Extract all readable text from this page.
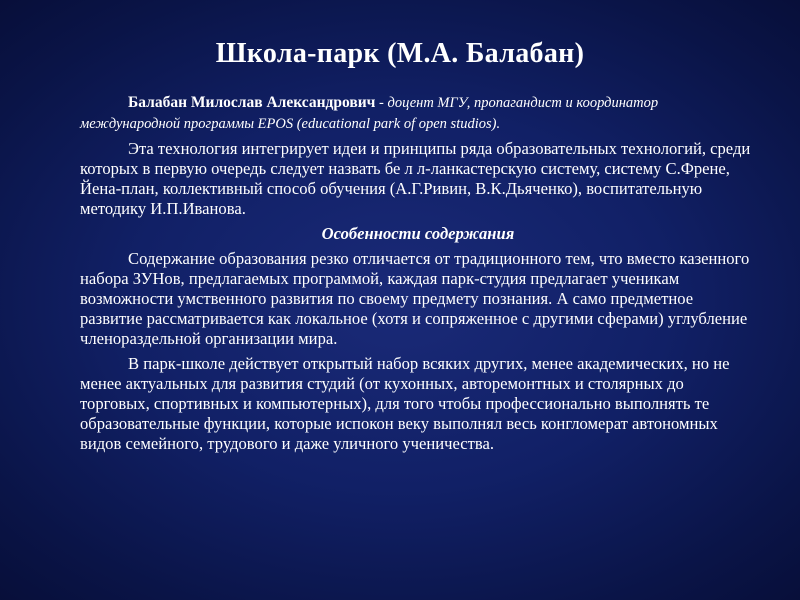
Школа-парк (М.А. Балабан)

Балабан Милослав Александрович - доцент МГУ, пропагандист и координатор международной программы EPOS (educational park of open studios).

Эта технология интегрирует идеи и принципы ряда образовательных технологий, среди которых в первую очередь следует назвать бе л л-ланкастерскую систему, систему С.Френе, Йена-план, коллективный способ обучения (А.Г.Ривин, В.К.Дьяченко), воспитательную методику И.П.Иванова.

Особенности содержания

Содержание образования резко отличается от традиционного тем, что вместо казенного набора ЗУНов, предлагаемых программой, каждая парк-студия предлагает ученикам возможности умственного развития по своему предмету познания. А само предметное развитие рассматривается как локальное (хотя и сопряженное с другими сферами) углубление членораздельной организации мира.

В парк-школе действует открытый набор всяких других, менее академических, но не менее актуальных для развития студий (от кухонных, авторемонтных и столярных до торговых, спортивных и компьютерных), для того чтобы профессионально выполнять те образовательные функции, которые испокон веку выполнял весь конгломерат автономных видов семейного, трудового и даже уличного ученичества.
